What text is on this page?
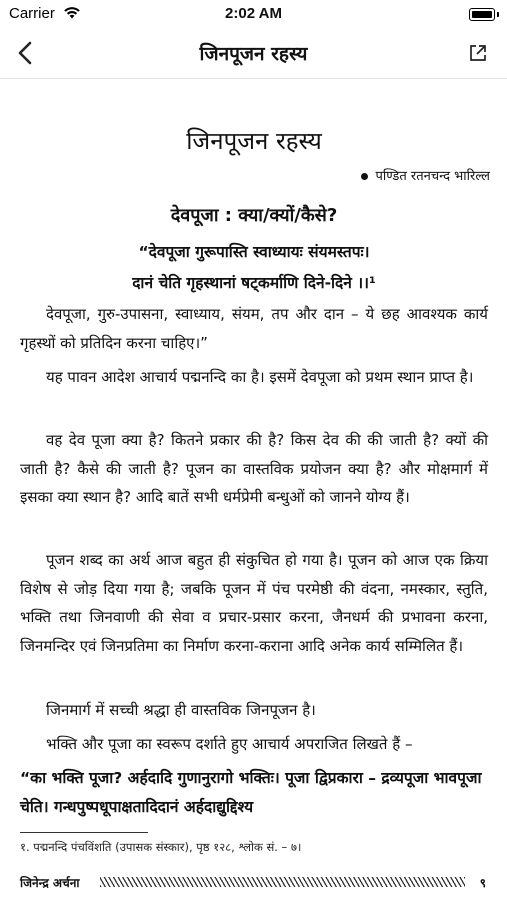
Carrier	2:02 AM
जिनपूजन रहस्य
जिनपूजन रहस्य
पण्डित रतनचन्द भारिल्ल
देवपूजा : क्या/क्यों/कैसे?
“देवपूजा गुरूपास्ति स्वाध्यायः संयमस्तपः।
दानं चेति गृहस्थानां षट्कर्माणि दिने-दिने ।।¹
देवपूजा, गुरु-उपासना, स्वाध्याय, संयम, तप और दान – ये छह आवश्यक कार्य गृहस्थों को प्रतिदिन करना चाहिए।”
यह पावन आदेश आचार्य पद्मनन्दि का है। इसमें देवपूजा को प्रथम स्थान प्राप्त है।
वह देव पूजा क्या है? कितने प्रकार की है? किस देव की की जाती है? क्यों की जाती है? कैसे की जाती है? पूजन का वास्तविक प्रयोजन क्या है? और मोक्षमार्ग में इसका क्या स्थान है? आदि बातें सभी धर्मप्रेमी बन्धुओं को जानने योग्य हैं।
पूजन शब्द का अर्थ आज बहुत ही संकुचित हो गया है। पूजन को आज एक क्रिया विशेष से जोड़ दिया गया है; जबकि पूजन में पंच परमेष्ठी की वंदना, नमस्कार, स्तुति, भक्ति तथा जिनवाणी की सेवा व प्रचार-प्रसार करना, जैनधर्म की प्रभावना करना, जिनमन्दिर एवं जिनप्रतिमा का निर्माण करना-कराना आदि अनेक कार्य सम्मिलित हैं।
जिनमार्ग में सच्ची श्रद्धा ही वास्तविक जिनपूजन है।
भक्ति और पूजा का स्वरूप दर्शाते हुए आचार्य अपराजित लिखते हैं –
“का भक्ति पूजा? अर्हदादि गुणानुरागो भक्तिः। पूजा द्विप्रकारा – द्रव्यपूजा भावपूजा चेति। गन्धपुष्पधूपाक्षतादिदानं अर्हदाद्युद्दिश्य
१. पद्मनन्दि पंचविंशति (उपासक संस्कार), पृष्ठ १२८, श्लोक सं. – ७।
जिनेन्द्र अर्चना	९
